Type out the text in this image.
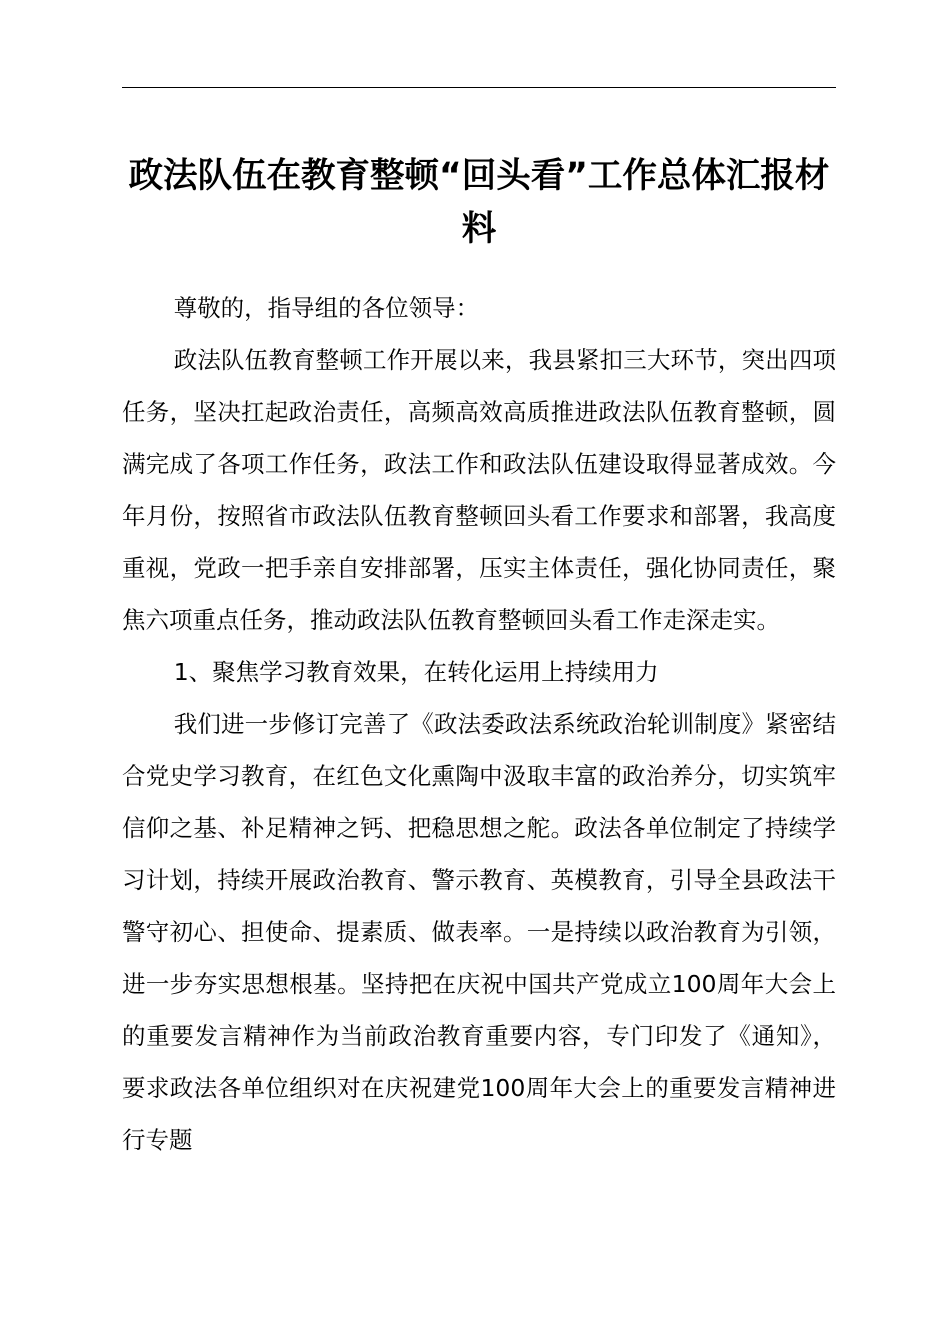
政法队伍在教育整顿“回头看”工作总体汇报材料

尊敬的，指导组的各位领导：

政法队伍教育整顿工作开展以来，我县紧扣三大环节，突出四项任务，坚决扛起政治责任，高频高效高质推进政法队伍教育整顿，圆满完成了各项工作任务，政法工作和政法队伍建设取得显著成效。今年月份，按照省市政法队伍教育整顿回头看工作要求和部署，我高度重视，党政一把手亲自安排部署，压实主体责任，强化协同责任，聚焦六项重点任务，推动政法队伍教育整顿回头看工作走深走实。

1、聚焦学习教育效果，在转化运用上持续用力

我们进一步修订完善了《政法委政法系统政治轮训制度》紧密结合党史学习教育，在红色文化熏陶中汲取丰富的政治养分，切实筑牢信仰之基、补足精神之钙、把稳思想之舵。政法各单位制定了持续学习计划，持续开展政治教育、警示教育、英模教育，引导全县政法干警守初心、担使命、提素质、做表率。一是持续以政治教育为引领，进一步夯实思想根基。坚持把在庆祝中国共产党成立100周年大会上的重要发言精神作为当前政治教育重要内容，专门印发了《通知》，要求政法各单位组织对在庆祝建党100周年大会上的重要发言精神进行专题
